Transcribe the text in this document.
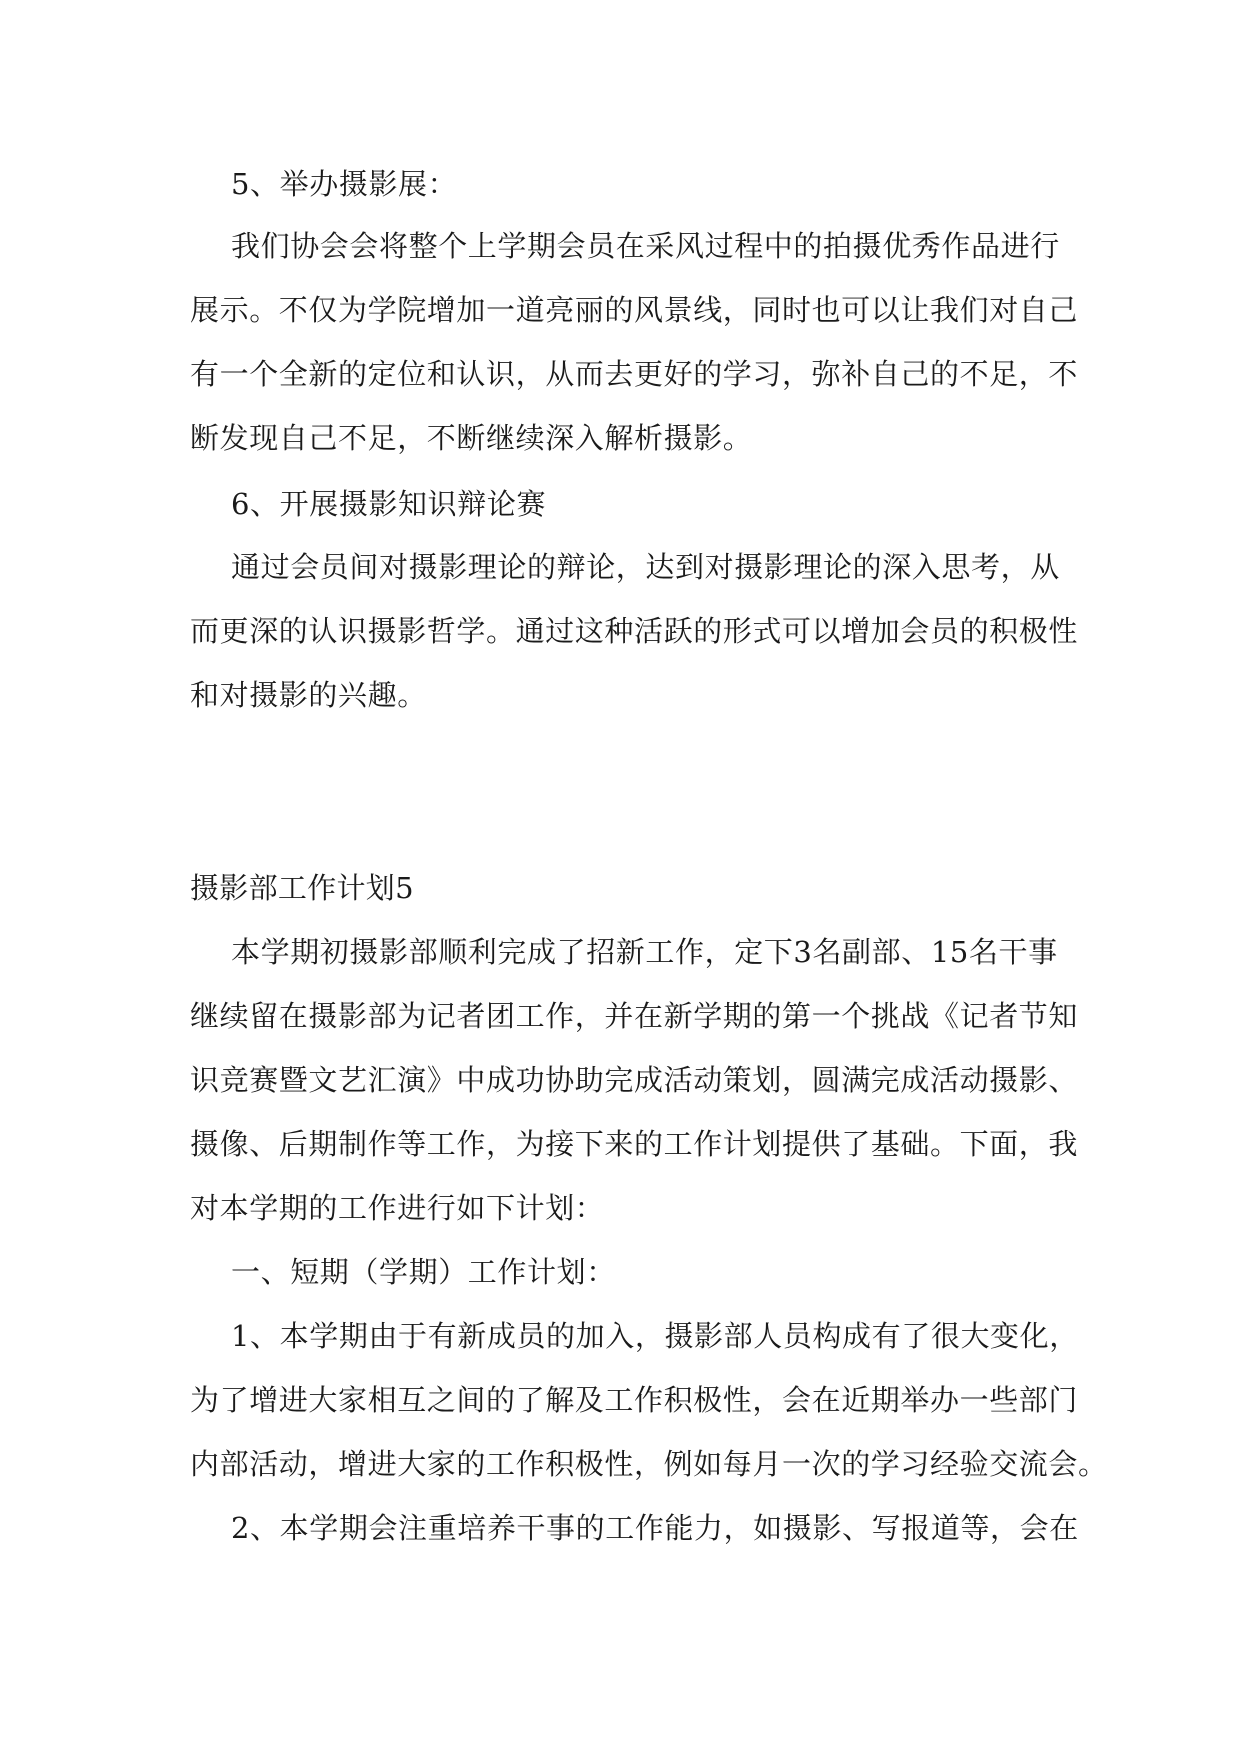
5、举办摄影展：
我们协会会将整个上学期会员在采风过程中的拍摄优秀作品进行
展示。不仅为学院增加一道亮丽的风景线，同时也可以让我们对自己
有一个全新的定位和认识，从而去更好的学习，弥补自己的不足，不
断发现自己不足，不断继续深入解析摄影。
6、开展摄影知识辩论赛
通过会员间对摄影理论的辩论，达到对摄影理论的深入思考，从
而更深的认识摄影哲学。通过这种活跃的形式可以增加会员的积极性
和对摄影的兴趣。
摄影部工作计划5
本学期初摄影部顺利完成了招新工作，定下3名副部、15名干事
继续留在摄影部为记者团工作，并在新学期的第一个挑战《记者节知
识竞赛暨文艺汇演》中成功协助完成活动策划，圆满完成活动摄影、
摄像、后期制作等工作，为接下来的工作计划提供了基础。下面，我
对本学期的工作进行如下计划：
一、短期（学期）工作计划：
1、本学期由于有新成员的加入，摄影部人员构成有了很大变化，
为了增进大家相互之间的了解及工作积极性，会在近期举办一些部门
内部活动，增进大家的工作积极性，例如每月一次的学习经验交流会。
2、本学期会注重培养干事的工作能力，如摄影、写报道等，会在
